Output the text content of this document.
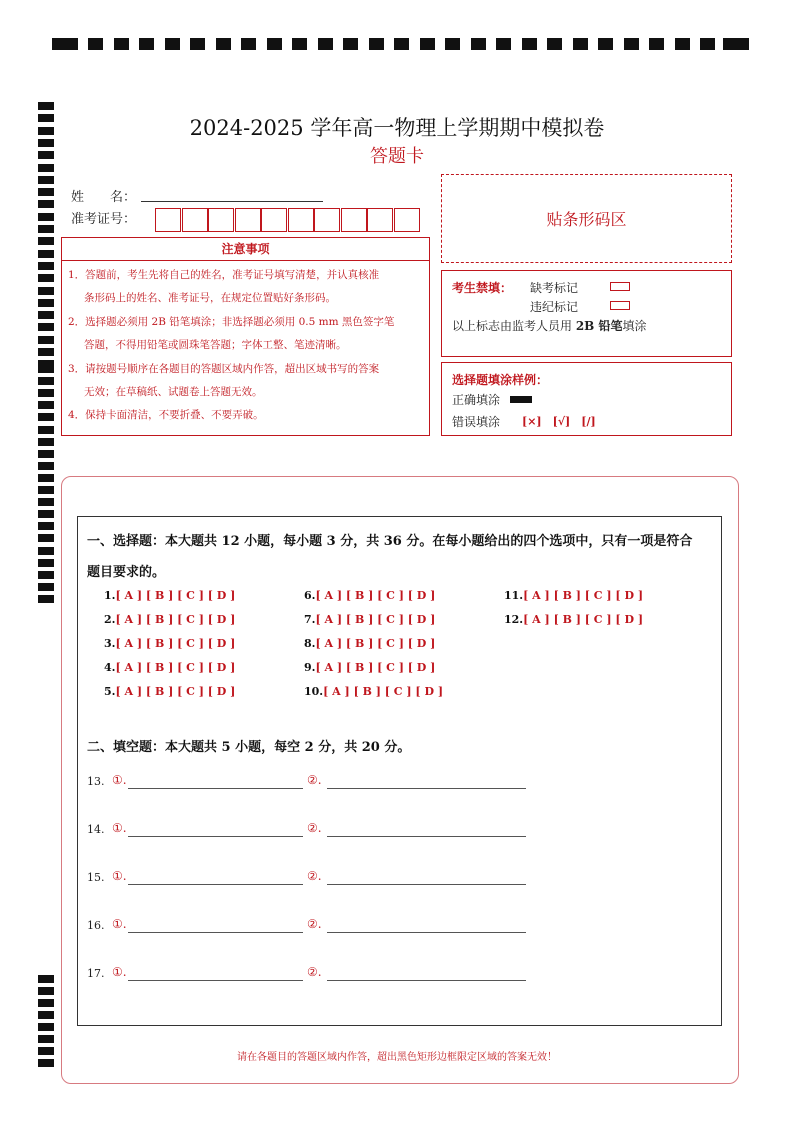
2024-2025 学年高一物理上学期期中模拟卷
答题卡
姓　　名：
准考证号：	贴条形码区
注意事项
1．答题前，考生先将自己的姓名，准考证号填写清楚，并认真核准
条形码上的姓名、准考证号，在规定位置贴好条形码。
2．选择题必须用 2B 铅笔填涂；非选择题必须用 0.5 mm 黑色签字笔
答题，不得用铅笔或圆珠笔答题；字体工整、笔迹清晰。
3．请按题号顺序在各题目的答题区域内作答，超出区域书写的答案
无效；在草稿纸、试题卷上答题无效。
4．保持卡面清洁，不要折叠、不要弄破。
考生禁填： 缺考标记
违纪标记
以上标志由监考人员用 2B 铅笔填涂
选择题填涂样例：
正确填涂
错误填涂 [×]　[√]　[/]
一、选择题：本大题共 12 小题，每小题 3 分，共 36 分。在每小题给出的四个选项中，只有一项是符合
题目要求的。
1.[ A ] [ B ] [ C ] [ D ]
2.[ A ] [ B ] [ C ] [ D ]
3.[ A ] [ B ] [ C ] [ D ]
4.[ A ] [ B ] [ C ] [ D ]
5.[ A ] [ B ] [ C ] [ D ]
6.[ A ] [ B ] [ C ] [ D ]
7.[ A ] [ B ] [ C ] [ D ]
8.[ A ] [ B ] [ C ] [ D ]
9.[ A ] [ B ] [ C ] [ D ]
10.[ A ] [ B ] [ C ] [ D ]
11.[ A ] [ B ] [ C ] [ D ]
12.[ A ] [ B ] [ C ] [ D ]
二、填空题：本大题共 5 小题，每空 2 分，共 20 分。
13. ①.	②.
14. ①.	②.
15. ①.	②.
16. ①.	②.
17. ①.	②.
请在各题目的答题区域内作答，超出黑色矩形边框限定区域的答案无效！
